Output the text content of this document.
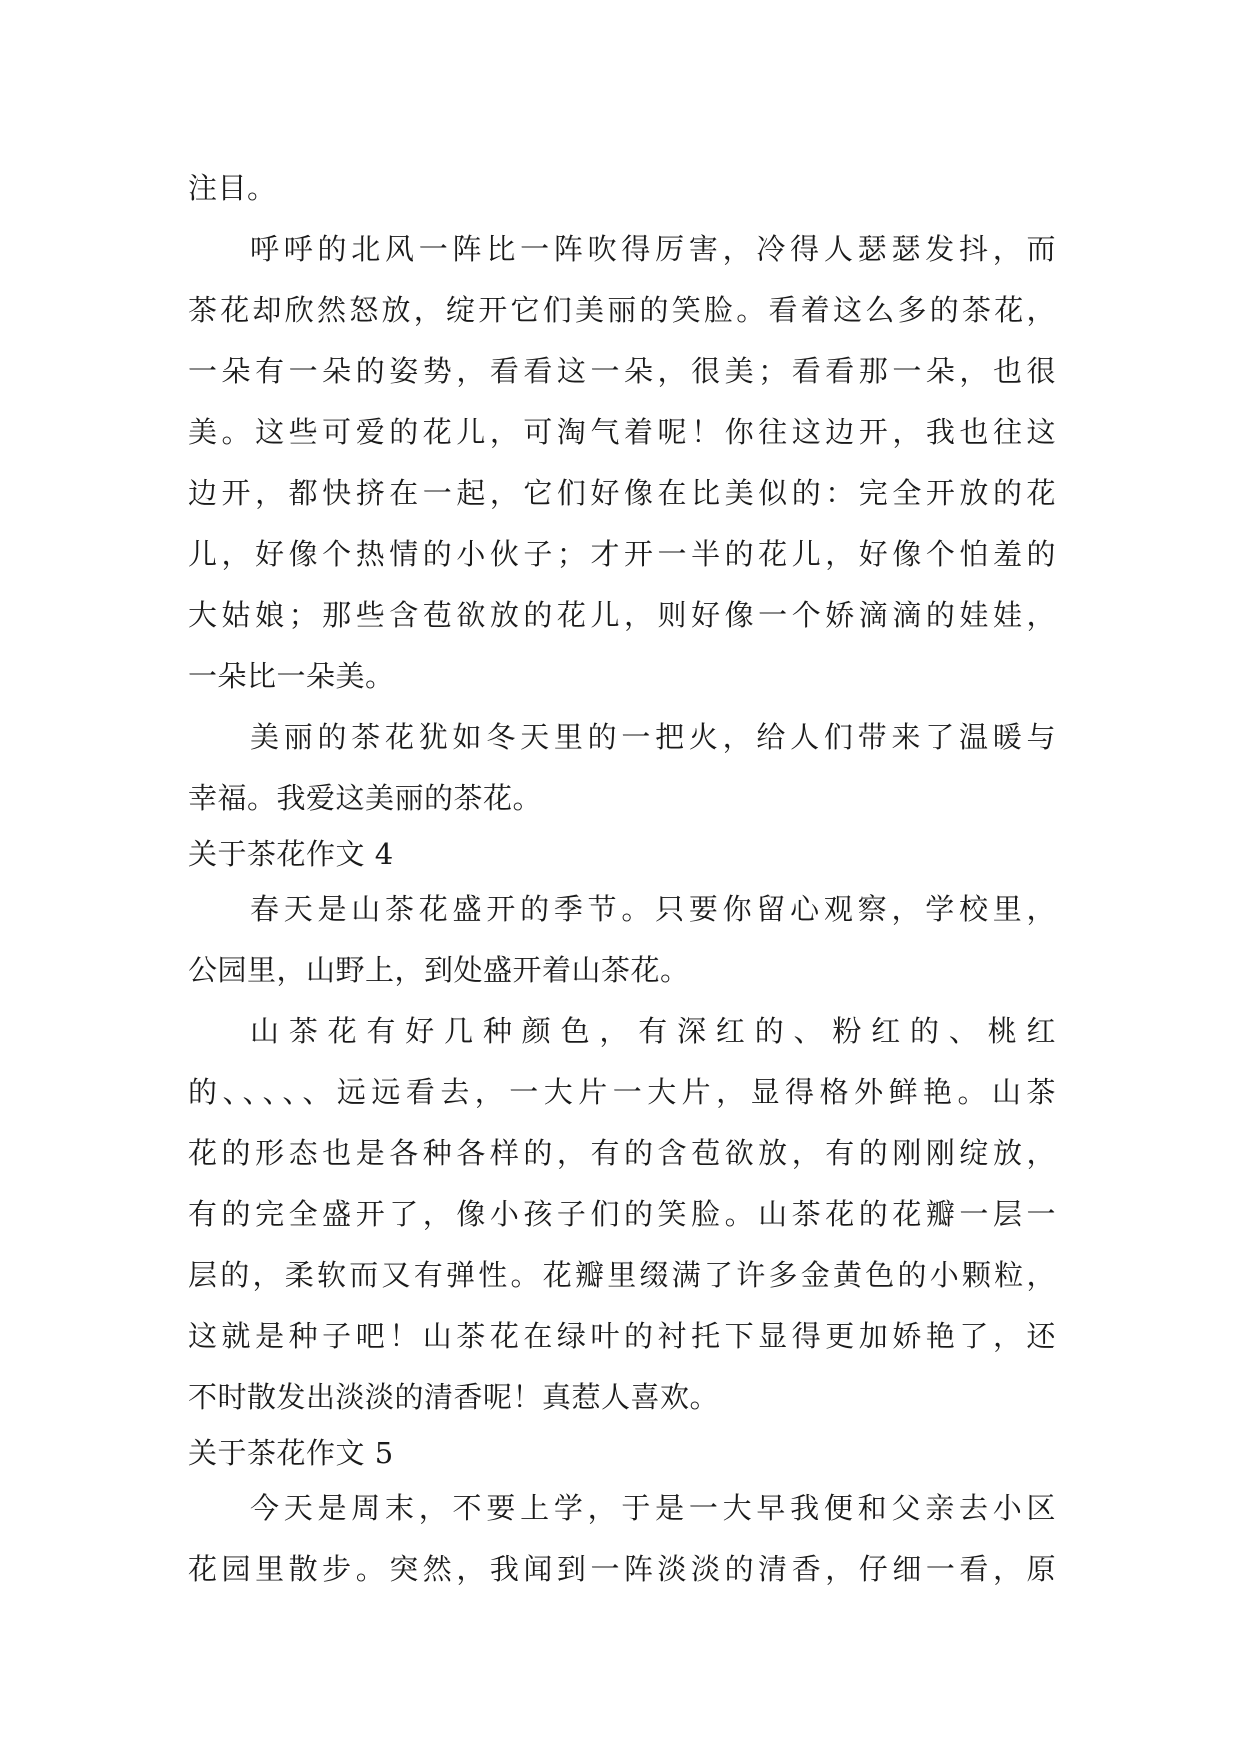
注目。
呼呼的北风一阵比一阵吹得厉害，冷得人瑟瑟发抖，而
茶花却欣然怒放，绽开它们美丽的笑脸。看着这么多的茶花，
一朵有一朵的姿势，看看这一朵，很美；看看那一朵，也很
美。这些可爱的花儿，可淘气着呢！你往这边开，我也往这
边开，都快挤在一起，它们好像在比美似的：完全开放的花
儿，好像个热情的小伙子；才开一半的花儿，好像个怕羞的
大姑娘；那些含苞欲放的花儿，则好像一个娇滴滴的娃娃，
一朵比一朵美。
美丽的茶花犹如冬天里的一把火，给人们带来了温暖与
幸福。我爱这美丽的茶花。
关于茶花作文 4
春天是山茶花盛开的季节。只要你留心观察，学校里，
公园里，山野上，到处盛开着山茶花。
山茶花有好几种颜色，有深红的、粉红的、桃红
的、、、、、远远看去，一大片一大片，显得格外鲜艳。山茶
花的形态也是各种各样的，有的含苞欲放，有的刚刚绽放，
有的完全盛开了，像小孩子们的笑脸。山茶花的花瓣一层一
层的，柔软而又有弹性。花瓣里缀满了许多金黄色的小颗粒，
这就是种子吧！山茶花在绿叶的衬托下显得更加娇艳了，还
不时散发出淡淡的清香呢！真惹人喜欢。
关于茶花作文 5
今天是周末，不要上学，于是一大早我便和父亲去小区
花园里散步。突然，我闻到一阵淡淡的清香，仔细一看，原
